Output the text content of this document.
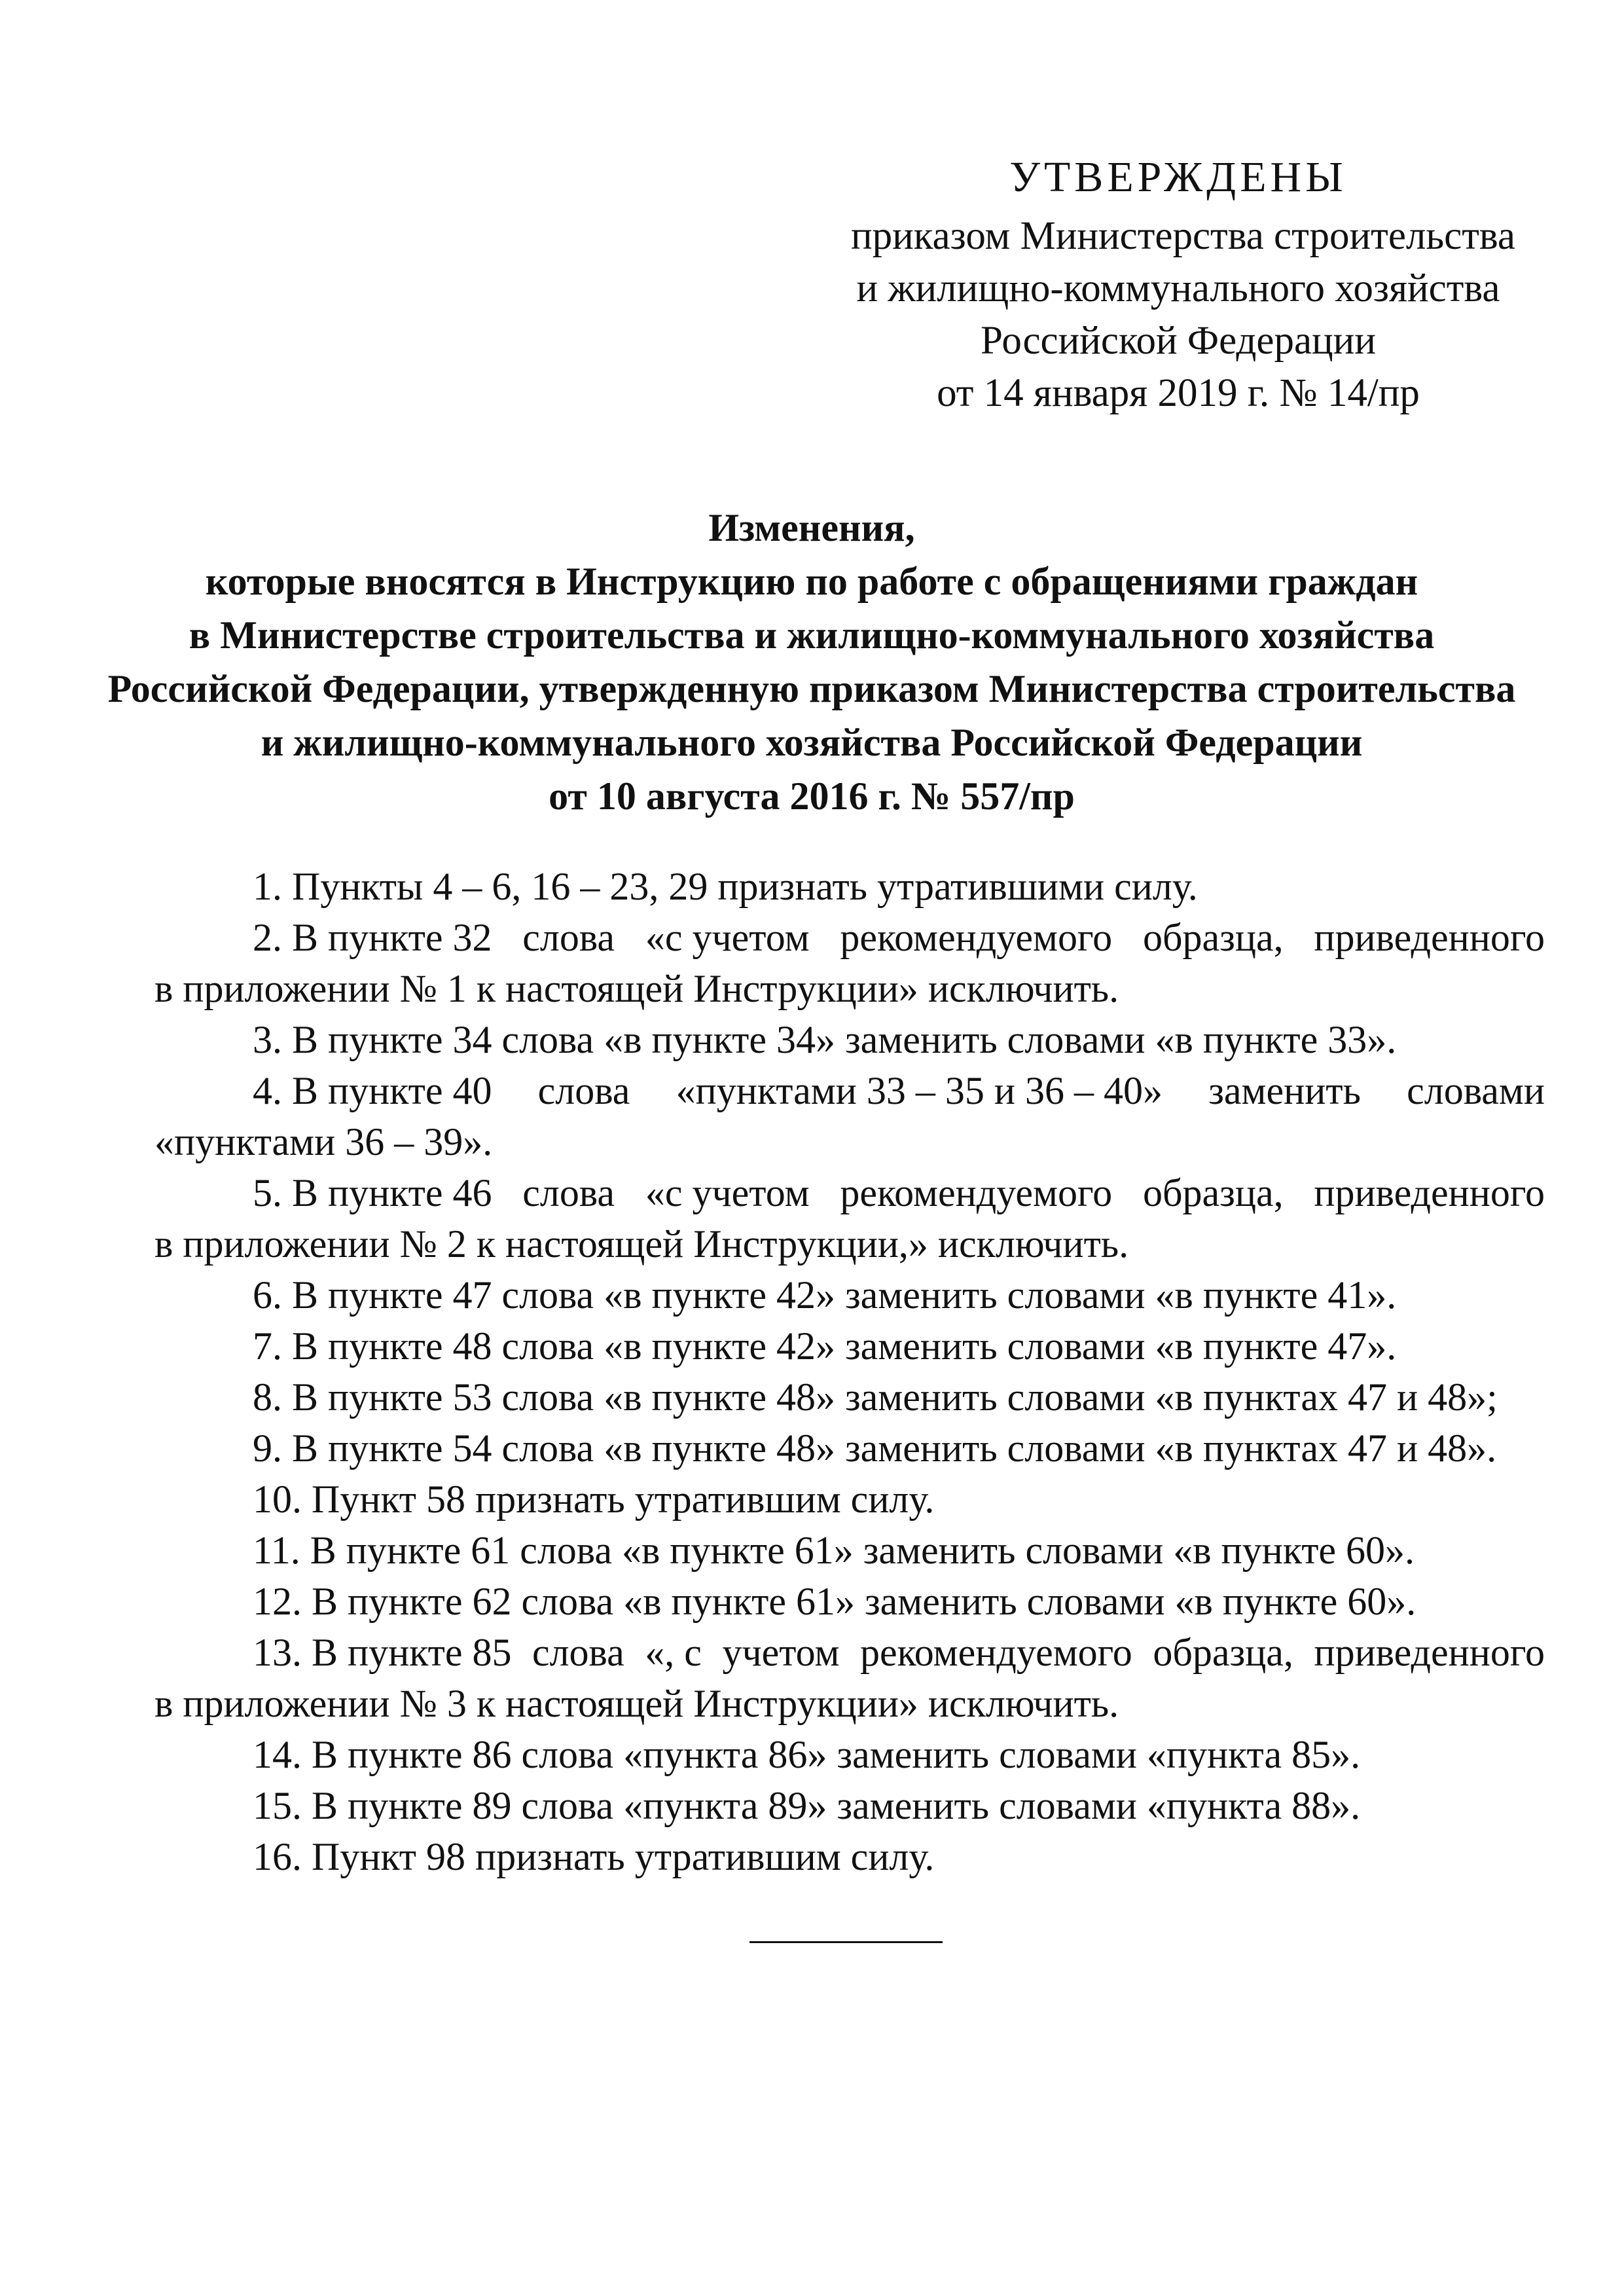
УТВЕРЖДЕНЫ
приказом Министерства строительства
и жилищно-коммунального хозяйства
Российской Федерации
от 14 января 2019 г. № 14/пр
Изменения,
которые вносятся в Инструкцию по работе с обращениями граждан
в Министерстве строительства и жилищно-коммунального хозяйства
Российской Федерации, утвержденную приказом Министерства строительства
и жилищно-коммунального хозяйства Российской Федерации
от 10 августа 2016 г. № 557/пр
1. Пункты 4 – 6, 16 – 23, 29 признать утратившими силу.
2. В пункте 32 слова «с учетом рекомендуемого образца, приведенного
в приложении № 1 к настоящей Инструкции» исключить.
3. В пункте 34 слова «в пункте 34» заменить словами «в пункте 33».
4. В пункте 40 слова «пунктами 33 – 35 и 36 – 40» заменить словами
«пунктами 36 – 39».
5. В пункте 46 слова «с учетом рекомендуемого образца, приведенного
в приложении № 2 к настоящей Инструкции,» исключить.
6. В пункте 47 слова «в пункте 42» заменить словами «в пункте 41».
7. В пункте 48 слова «в пункте 42» заменить словами «в пункте 47».
8. В пункте 53 слова «в пункте 48» заменить словами «в пунктах 47 и 48»;
9. В пункте 54 слова «в пункте 48» заменить словами «в пунктах 47 и 48».
10. Пункт 58 признать утратившим силу.
11. В пункте 61 слова «в пункте 61» заменить словами «в пункте 60».
12. В пункте 62 слова «в пункте 61» заменить словами «в пункте 60».
13. В пункте 85 слова «, с учетом рекомендуемого образца, приведенного
в приложении № 3 к настоящей Инструкции» исключить.
14. В пункте 86 слова «пункта 86» заменить словами «пункта 85».
15. В пункте 89 слова «пункта 89» заменить словами «пункта 88».
16. Пункт 98 признать утратившим силу.
